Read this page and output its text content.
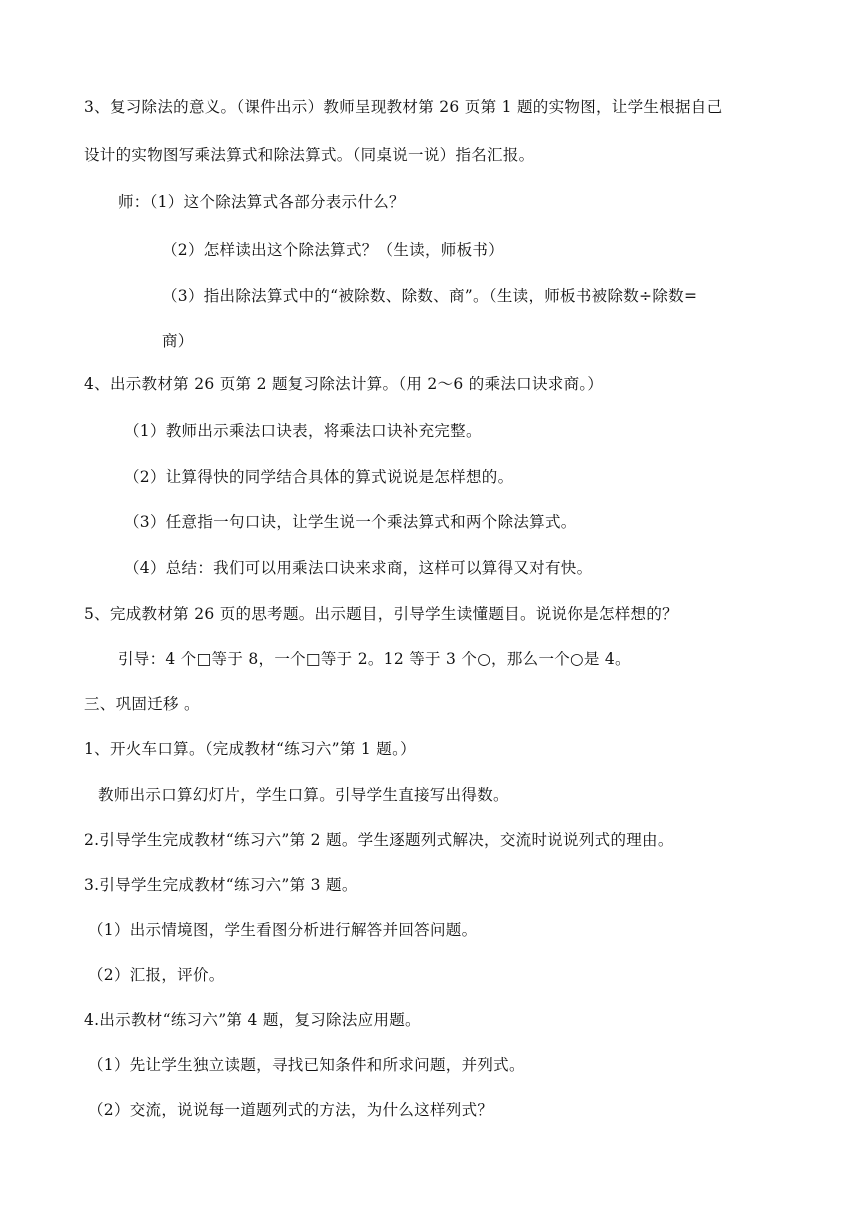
3、复习除法的意义。（课件出示）教师呈现教材第 26 页第 1 题的实物图，让学生根据自己
设计的实物图写乘法算式和除法算式。（同桌说一说）指名汇报。
师：（1）这个除法算式各部分表示什么？
（2）怎样读出这个除法算式？（生读，师板书）
（3）指出除法算式中的“被除数、除数、商”。（生读，师板书被除数÷除数=
商）
4、出示教材第 26 页第 2 题复习除法计算。（用 2～6 的乘法口诀求商。）
（1）教师出示乘法口诀表，将乘法口诀补充完整。
（2）让算得快的同学结合具体的算式说说是怎样想的。
（3）任意指一句口诀，让学生说一个乘法算式和两个除法算式。
（4）总结：我们可以用乘法口诀来求商，这样可以算得又对有快。
5、完成教材第 26 页的思考题。出示题目，引导学生读懂题目。说说你是怎样想的？
引导：4 个□等于 8，一个□等于 2。12 等于 3 个○，那么一个○是 4。
三、巩固迁移 。
1、开火车口算。（完成教材“练习六”第 1 题。）
教师出示口算幻灯片，学生口算。引导学生直接写出得数。
2.引导学生完成教材“练习六”第 2 题。学生逐题列式解决，交流时说说列式的理由。
3.引导学生完成教材“练习六”第 3 题。
（1）出示情境图，学生看图分析进行解答并回答问题。
（2）汇报，评价。
4.出示教材“练习六”第 4 题，复习除法应用题。
（1）先让学生独立读题，寻找已知条件和所求问题，并列式。
（2）交流，说说每一道题列式的方法，为什么这样列式？
